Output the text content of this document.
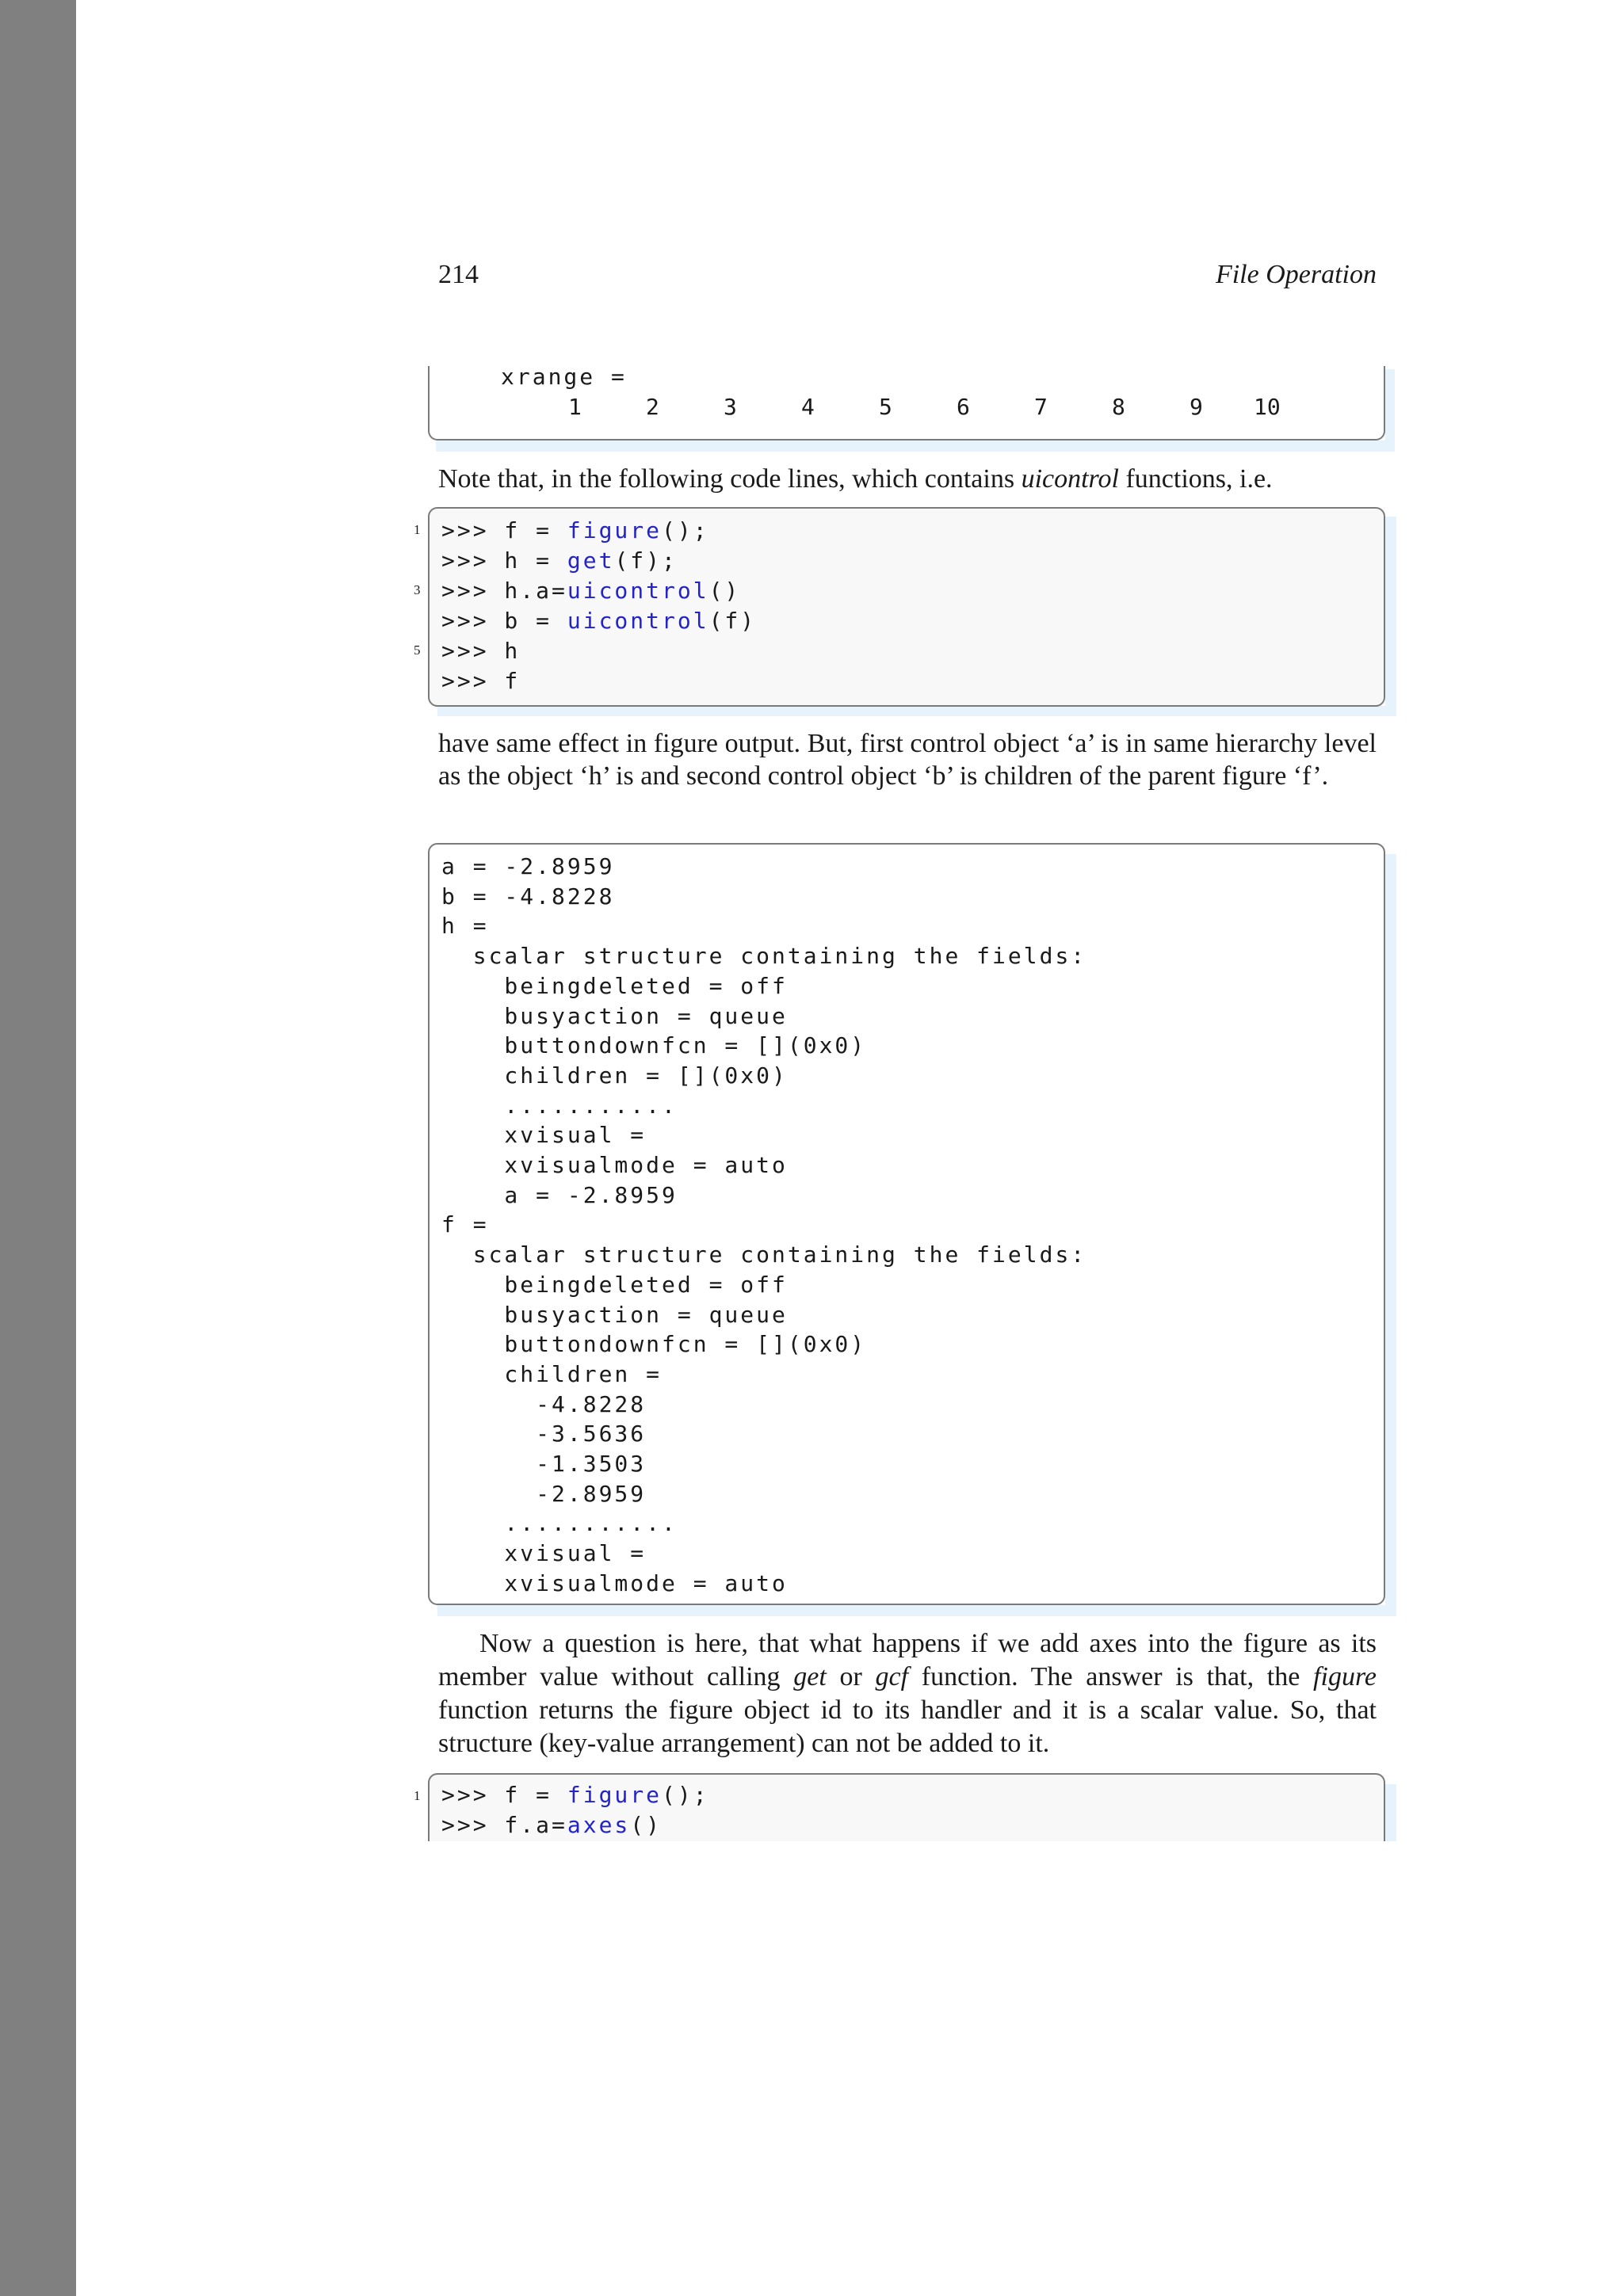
214	File Operation
xrange =
1	2	3	4	5	6	7	8	9 10
Note that, in the following code lines, which contains uicontrol functions, i.e.
>>> f = figure();
>>> h = get(f);
>>> h.a=uicontrol()
>>> b = uicontrol(f)
>>> h
>>> f
1
3
5
have same effect in figure output. But, first control object ‘a’ is in same hierarchy level as the object ‘h’ is and second control object ‘b’ is children of the parent figure ‘f’.
a = -2.8959
b = -4.8228
h =
scalar structure containing the fields:
beingdeleted = off
busyaction = queue
buttondownfcn = [](0x0)
children = [](0x0)
...........
xvisual =
xvisualmode = auto
a = -2.8959
f =
scalar structure containing the fields:
beingdeleted = off
busyaction = queue
buttondownfcn = [](0x0)
children =
-4.8228
-3.5636
-1.3503
-2.8959
...........
xvisual =
xvisualmode = auto
Now a question is here, that what happens if we add axes into the figure as its member value without calling get or gcf function. The answer is that, the figure function returns the figure object id to its handler and it is a scalar value. So, that structure (key-value arrangement) can not be added to it.
>>> f = figure();
>>> f.a=axes()
1
